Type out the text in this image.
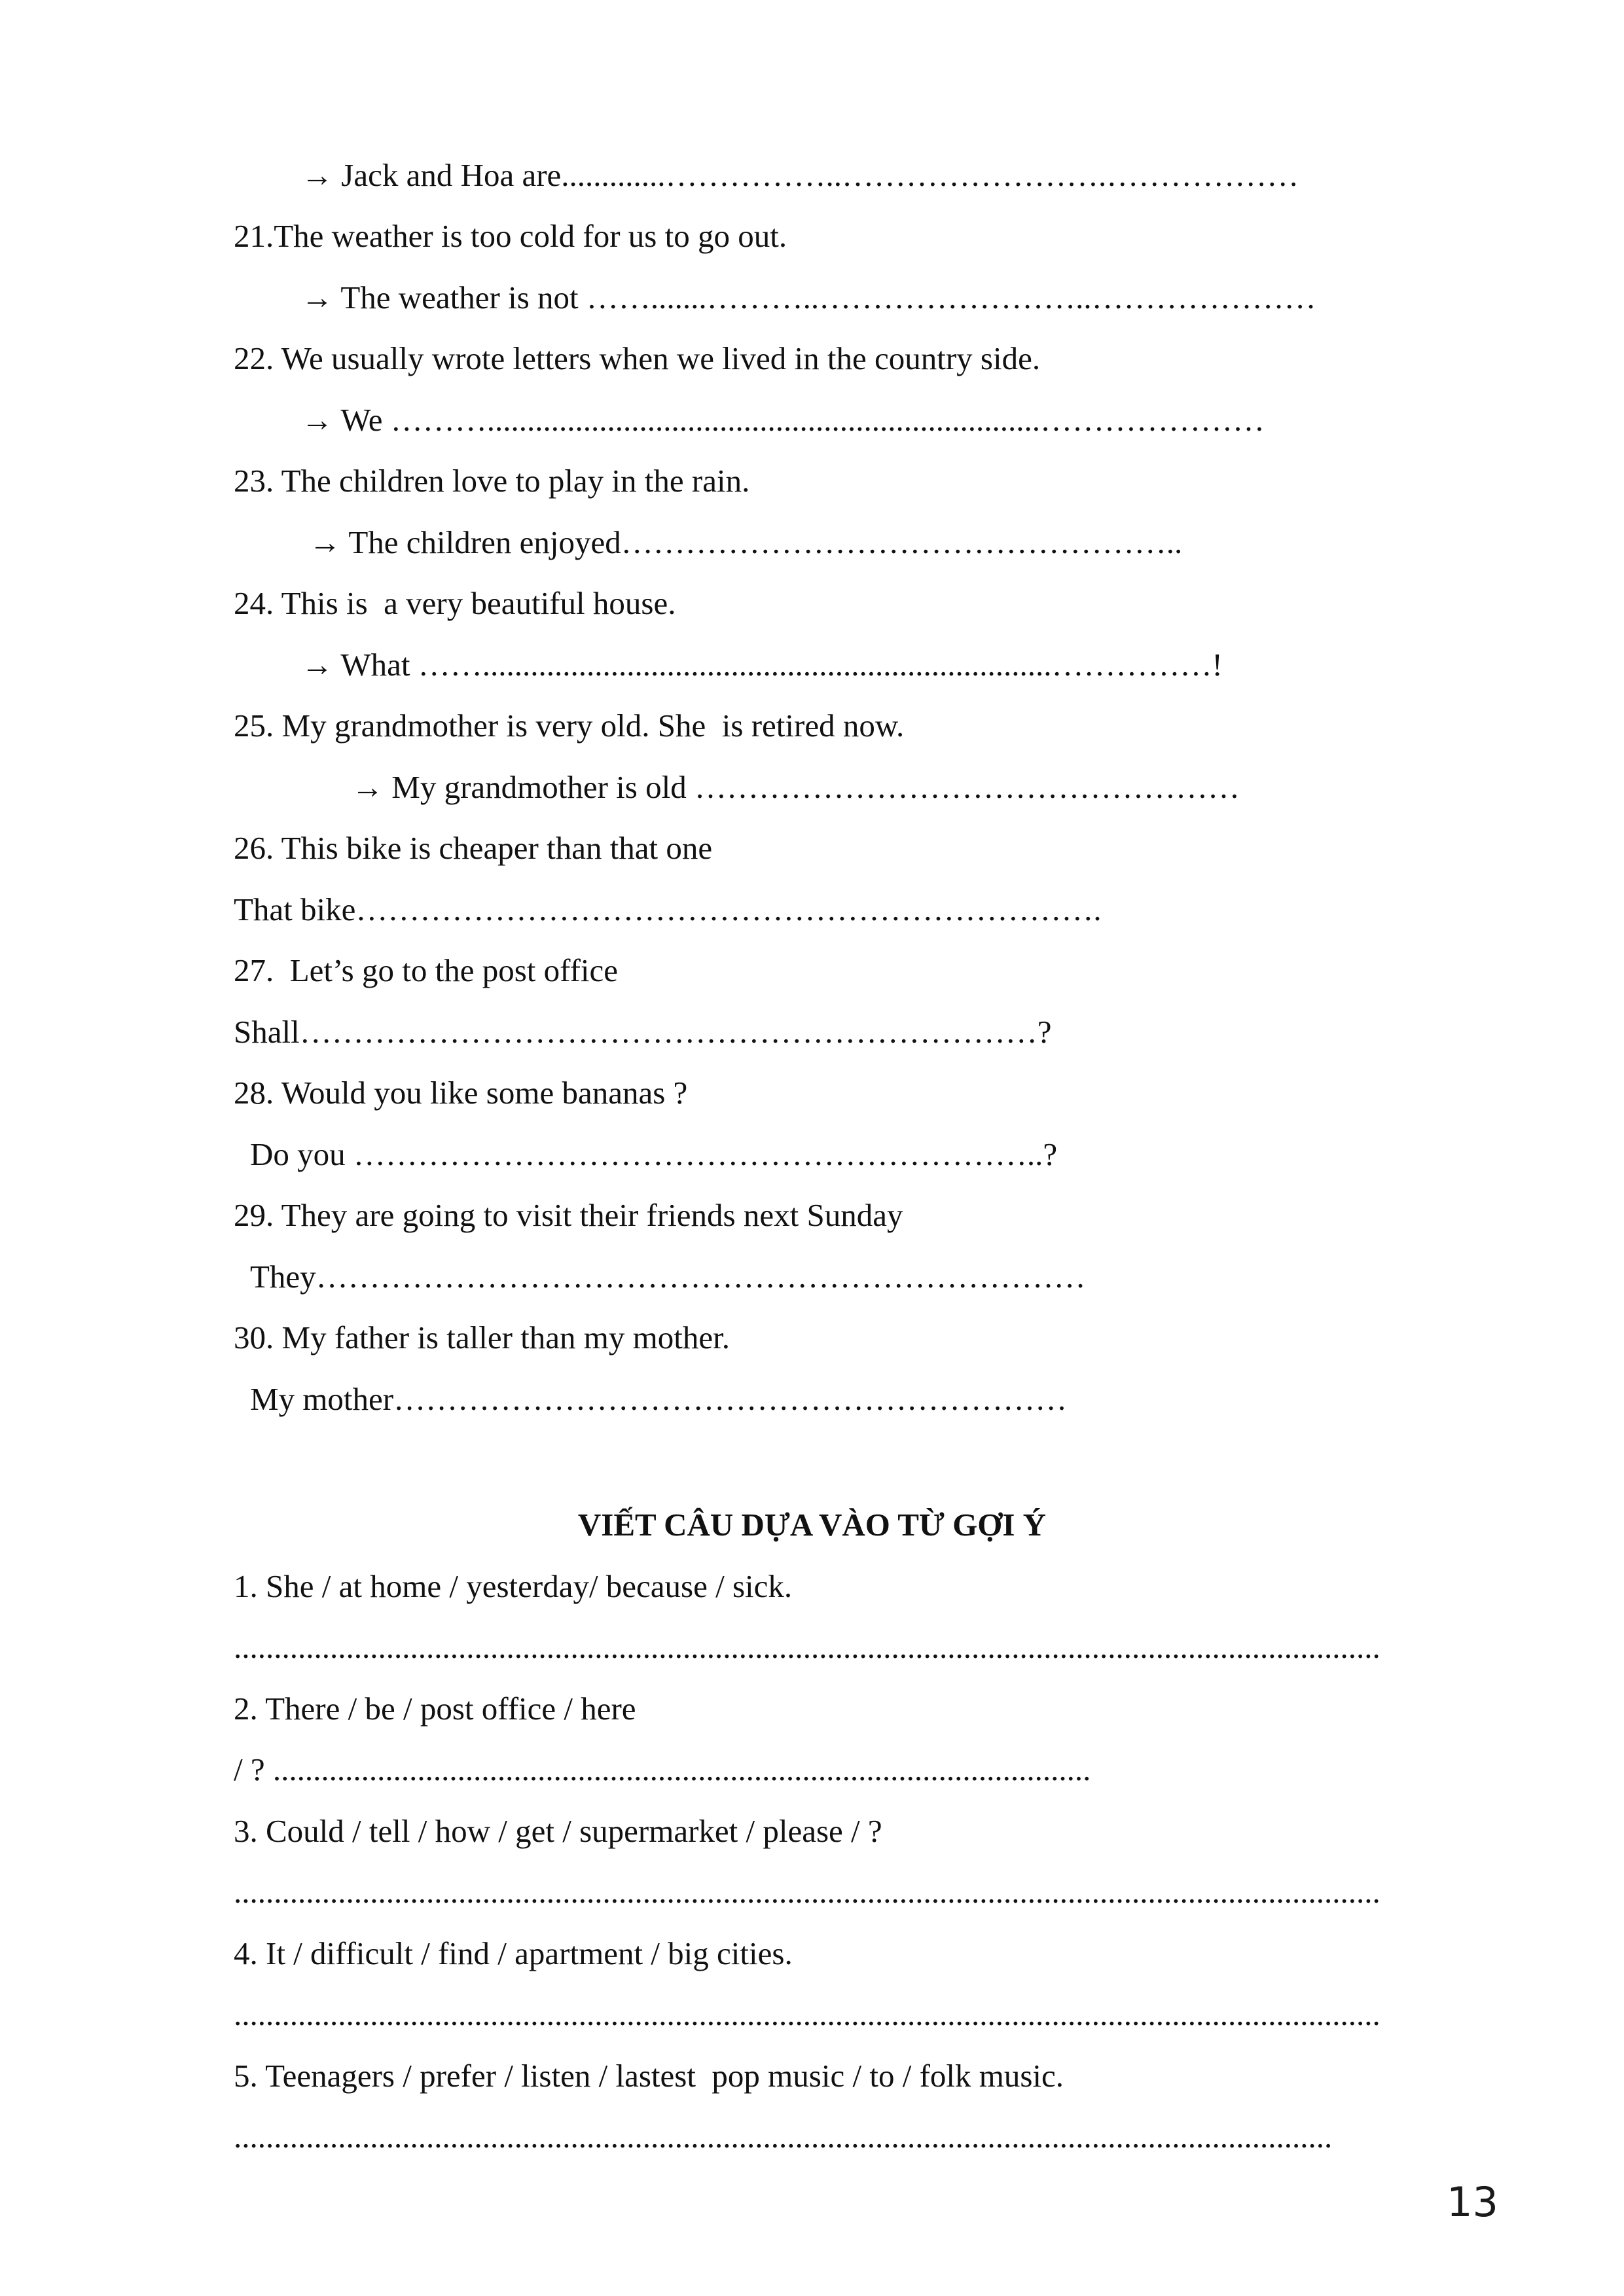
→ Jack and Hoa are.............……………..…………………….………………

21.The weather is too cold for us to go out.

→ The weather is not …….......………..……………………..…………………

22. We usually wrote letters when we lived in the country side.

→ We ……….....................................................................…………………

23. The children love to play in the rain.

→ The children enjoyed……………………………………………..

24. This is  a very beautiful house.

→ What …….......................................................................……………!

25. My grandmother is very old. She  is retired now.

→ My grandmother is old ……………………………………………

26. This bike is cheaper than that one

That bike…………………………………………………………….

27.  Let’s go to the post office

Shall……………………………………………………………?

28. Would you like some bananas ?

Do you ………………………………………………………..?

29. They are going to visit their friends next Sunday

They………………………………………………………………

30. My father is taller than my mother.

My mother………………………………………………………

VIẾT CÂU DỰA VÀO TỪ GỢI Ý

1. She / at home / yesterday/ because / sick.

...............................................................................................................................................

2. There / be / post office / here

/ ? ......................................................................................................

3. Could / tell / how / get / supermarket / please / ?

...............................................................................................................................................

4. It / difficult / find / apartment / big cities.

...............................................................................................................................................

5. Teenagers / prefer / listen / lastest  pop music / to / folk music.

.........................................................................................................................................

13
